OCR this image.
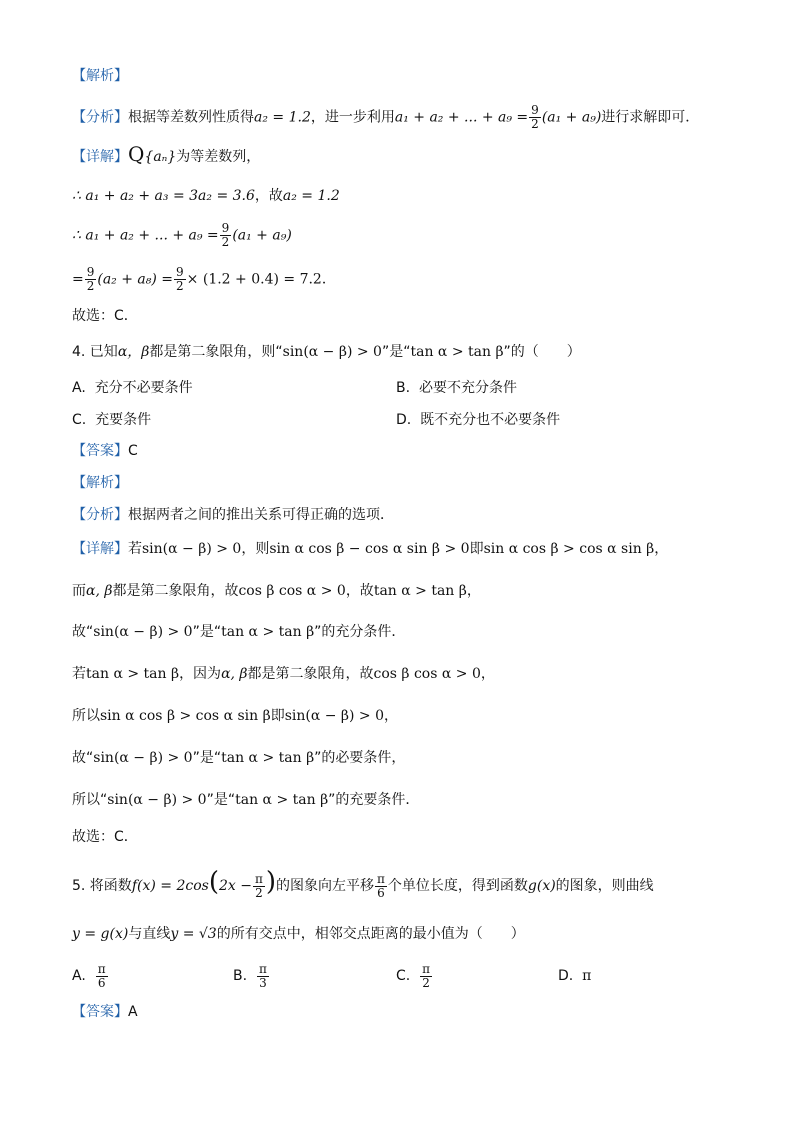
【解析】
【分析】根据等差数列性质得a₂ = 1.2，进一步利用a₁ + a₂ + ... + $a_9 = \frac{9}{2} (a_1 + a_9)$进行求解即可．
【详解】Q{aₙ}为等差数列，
∴ a₁ + a₂ + a₃ = 3a₂ = 3.6，故a₂ = 1.2
∴ a₁ + a₂ + ... + $a_9 = \frac{9}{2} (a_1 + a_9)$
= $\frac{9}{2} (a_2 + a_8) = \frac{9}{2} \times (1.2 + 0.4) = 7.2$．
故选：C．
4. 已知α，β都是第二象限角，则“sin(α − β) > 0”是“tan α > tan β”的（　　）
A. 充分不必要条件	B. 必要不充分条件
C. 充要条件	D. 既不充分也不必要条件
【答案】C
【解析】
【分析】根据两者之间的推出关系可得正确的选项．
【详解】若sin(α − β) > 0，则sin α cos β − cos α sin β > 0即sin α cos β > cos α sin β，
而α, β都是第二象限角，故cos β cos α > 0，故tan α > tan β，
故“sin(α − β) > 0”是“tan α > tan β”的充分条件．
若tan α > tan β，因为α, β都是第二象限角，故cos β cos α > 0，
所以sin α cos β > cos α sin β即sin(α − β) > 0，
故“sin(α − β) > 0”是“tan α > tan β”的必要条件，
所以“sin(α − β) > 0”是“tan α > tan β”的充要条件．
故选：C．
5. 将函数$f(x) = 2\cos(2x - \frac{\pi}{2}$ )的图象向左平移 $\frac{\pi}{6}$ 个单位长度，得到函数g(x)的图象，则曲线
y = g(x)与直线y = √3的所有交点中，相邻交点距离的最小值为（　　）
A. $\frac{\pi}{6}$	B. $\frac{\pi}{3}$	C. $\frac{\pi}{2}$	D. π
【答案】A
